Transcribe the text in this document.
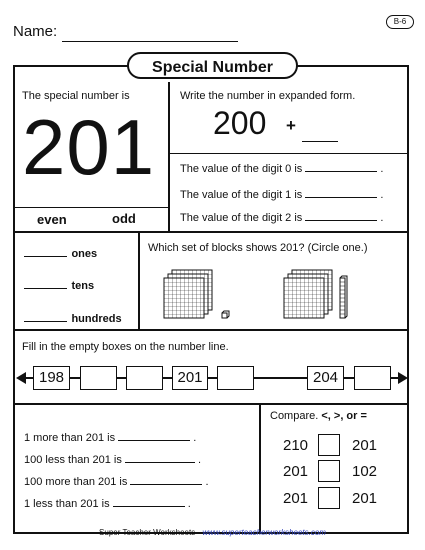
Name:
B-6
Special Number
The special number is
201
even	odd
Write the number in expanded form.
200 +
The value of the digit 0 is	.
The value of the digit 1 is	.
The value of the digit 2 is	.
ones
tens
hundreds
Which set of blocks shows 201? (Circle one.)
Fill in the empty boxes on the number line.
198	201	204
1 more than 201 is	.
100 less than 201 is	.
100 more than 201 is	.
1 less than 201 is	.
Compare. <, >, or =
210	201
201	102
201	201
Super Teacher Worksheets - www.superteacherworksheets.com
